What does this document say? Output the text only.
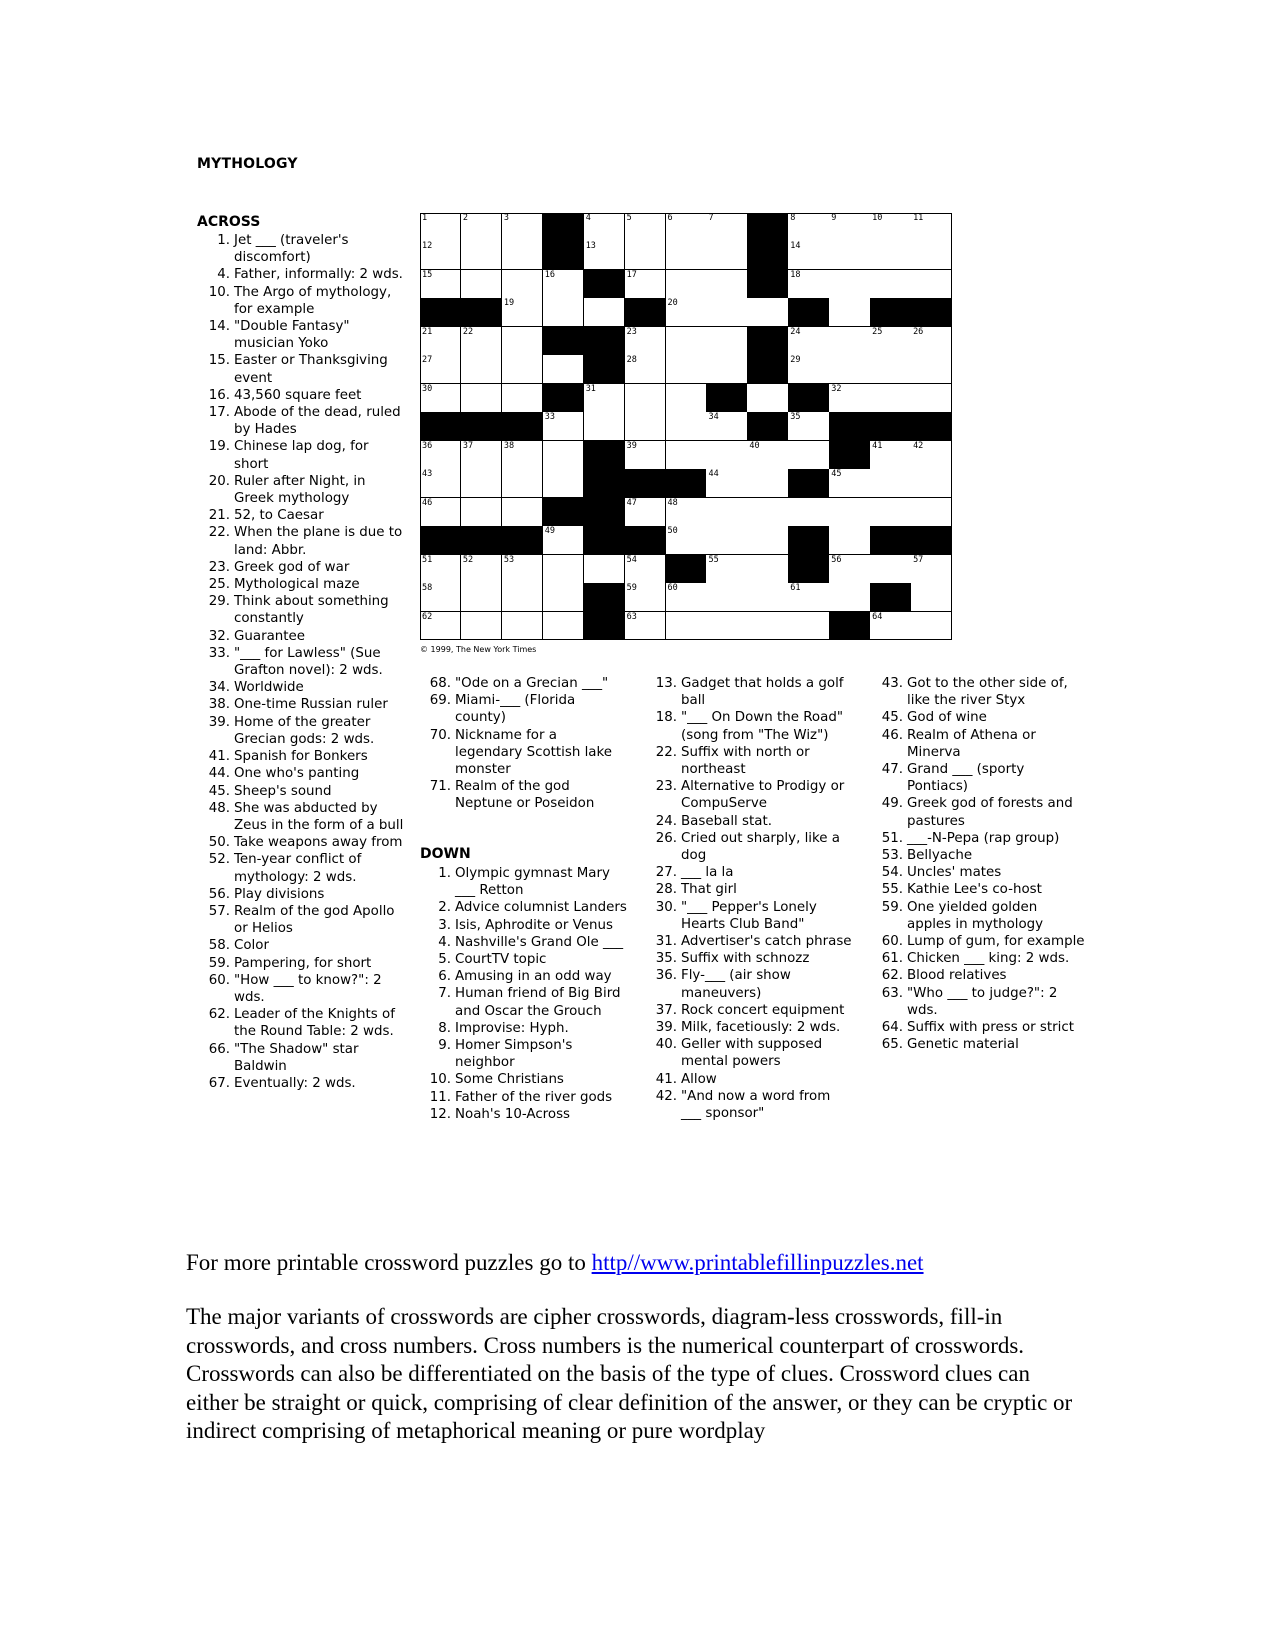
MYTHOLOGY
ACROSS
1. Jet ___ (traveler's discomfort)
4. Father, informally: 2 wds.
10. The Argo of mythology, for example
14. "Double Fantasy" musician Yoko
15. Easter or Thanksgiving event
16. 43,560 square feet
17. Abode of the dead, ruled by Hades
19. Chinese lap dog, for short
20. Ruler after Night, in Greek mythology
21. 52, to Caesar
22. When the plane is due to land: Abbr.
23. Greek god of war
25. Mythological maze
29. Think about something constantly
32. Guarantee
33. "___ for Lawless" (Sue Grafton novel): 2 wds.
34. Worldwide
38. One-time Russian ruler
39. Home of the greater Grecian gods: 2 wds.
41. Spanish for Bonkers
44. One who's panting
45. Sheep's sound
48. She was abducted by Zeus in the form of a bull
50. Take weapons away from
52. Ten-year conflict of mythology: 2 wds.
56. Play divisions
57. Realm of the god Apollo or Helios
58. Color
59. Pampering, for short
60. "How ___ to know?": 2 wds.
62. Leader of the Knights of the Round Table: 2 wds.
66. "The Shadow" star Baldwin
67. Eventually: 2 wds.
1	2	3	4	5	6	7	8	9	10	11
12	13	14
15	16	17	18
19	20
21	22	23	24	25	26
27	28	29
30	31	32
33	34	35
36	37	38	39	40	41	42
43	44	45
46	47	48
49	50
51	52	53	54	55	56	57
58	59	60	61
62	63	64
© 1999, The New York Times
68. "Ode on a Grecian ___"
69. Miami-___ (Florida county)
70. Nickname for a legendary Scottish lake monster
71. Realm of the god Neptune or Poseidon
DOWN
1. Olympic gymnast Mary ___ Retton
2. Advice columnist Landers
3. Isis, Aphrodite or Venus
4. Nashville's Grand Ole ___
5. CourtTV topic
6. Amusing in an odd way
7. Human friend of Big Bird and Oscar the Grouch
8. Improvise: Hyph.
9. Homer Simpson's neighbor
10. Some Christians
11. Father of the river gods
12. Noah's 10-Across
13. Gadget that holds a golf ball
18. "___ On Down the Road" (song from "The Wiz")
22. Suffix with north or northeast
23. Alternative to Prodigy or CompuServe
24. Baseball stat.
26. Cried out sharply, like a dog
27. ___ la la
28. That girl
30. "___ Pepper's Lonely Hearts Club Band"
31. Advertiser's catch phrase
35. Suffix with schnozz
36. Fly-___ (air show maneuvers)
37. Rock concert equipment
39. Milk, facetiously: 2 wds.
40. Geller with supposed mental powers
41. Allow
42. "And now a word from ___ sponsor"
43. Got to the other side of, like the river Styx
45. God of wine
46. Realm of Athena or Minerva
47. Grand ___ (sporty Pontiacs)
49. Greek god of forests and pastures
51. ___-N-Pepa (rap group)
53. Bellyache
54. Uncles' mates
55. Kathie Lee's co-host
59. One yielded golden apples in mythology
60. Lump of gum, for example
61. Chicken ___ king: 2 wds.
62. Blood relatives
63. "Who ___ to judge?": 2 wds.
64. Suffix with press or strict
65. Genetic material
For more printable crossword puzzles go to http//www.printablefillinpuzzles.net
The major variants of crosswords are cipher crosswords, diagram-less crosswords, fill-in crosswords, and cross numbers. Cross numbers is the numerical counterpart of crosswords. Crosswords can also be differentiated on the basis of the type of clues. Crossword clues can either be straight or quick, comprising of clear definition of the answer, or they can be cryptic or indirect comprising of metaphorical meaning or pure wordplay
